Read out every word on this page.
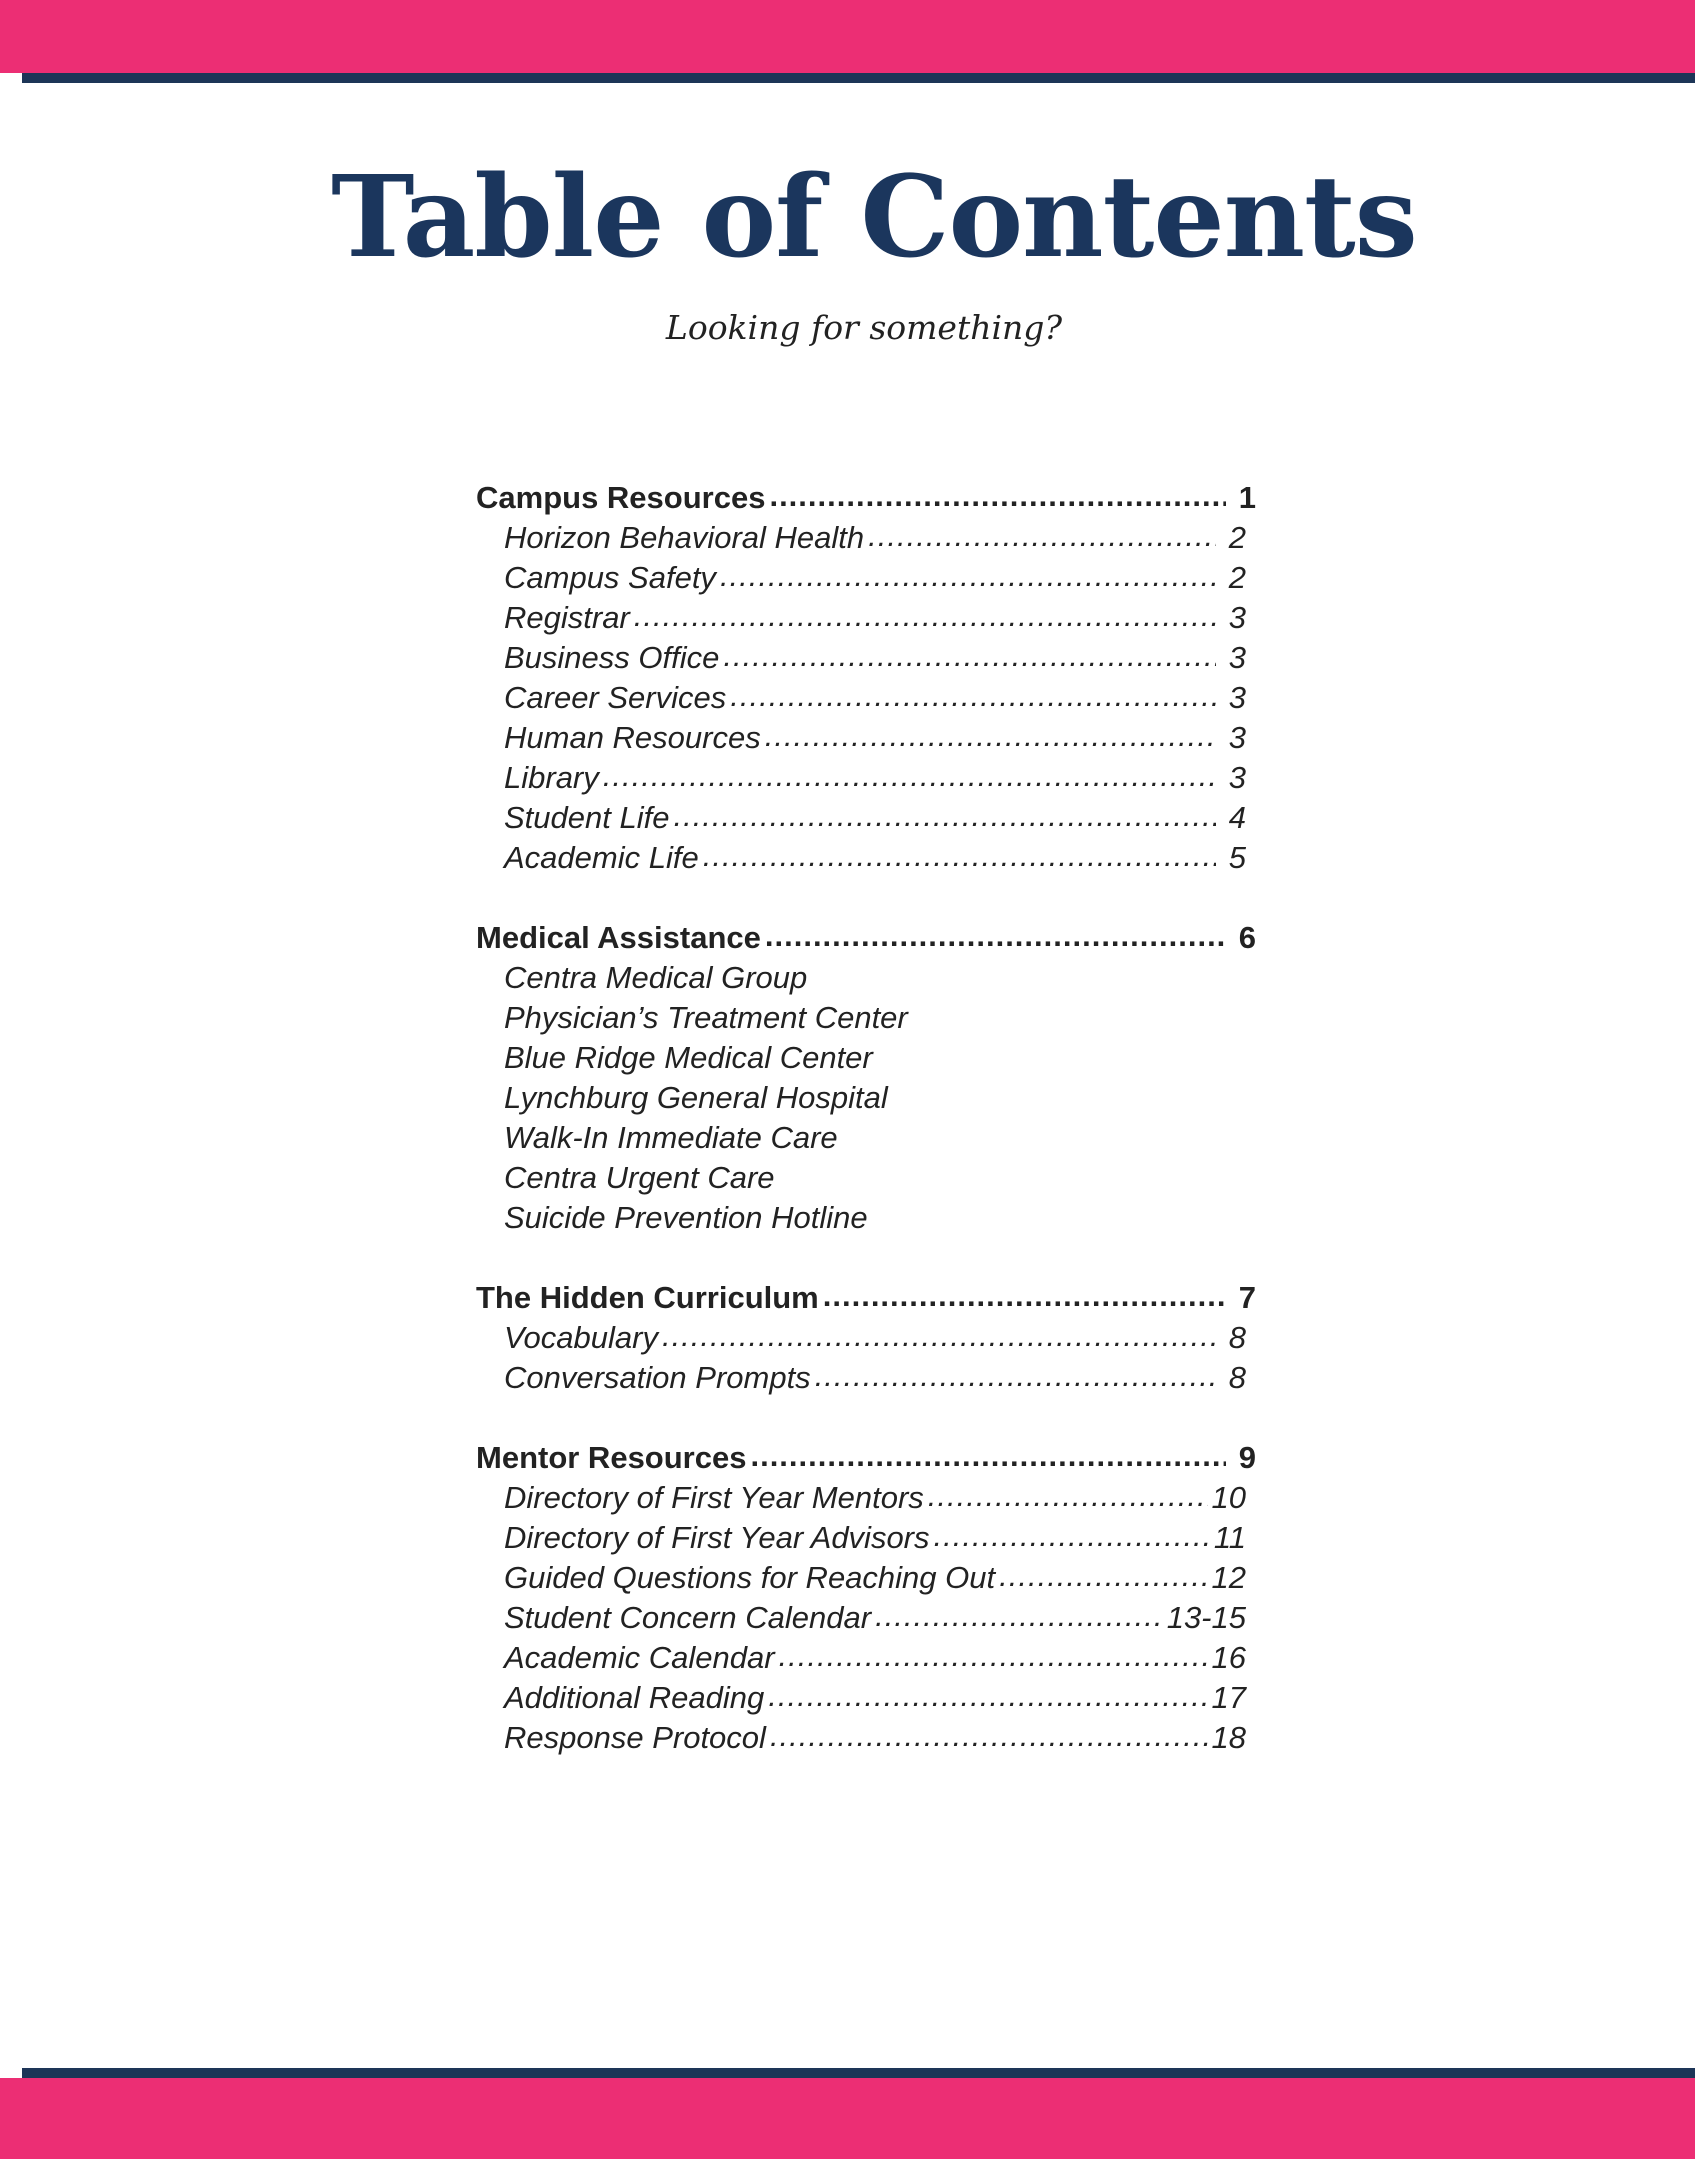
Table of Contents

Looking for something?

Campus Resources .....	1
Horizon Behavioral Health .....	2
Campus Safety .....	2
Registrar .....	3
Business Office .....	3
Career Services .....	3
Human Resources .....	3
Library .....	3
Student Life .....	4
Academic Life .....	5
Medical Assistance .....	6
Centra Medical Group
Physician’s Treatment Center
Blue Ridge Medical Center
Lynchburg General Hospital
Walk-In Immediate Care
Centra Urgent Care
Suicide Prevention Hotline
The Hidden Curriculum .....	7
Vocabulary .....	8
Conversation Prompts .....	8
Mentor Resources .....	9
Directory of First Year Mentors .....	10
Directory of First Year Advisors .....	11
Guided Questions for Reaching Out .....	12
Student Concern Calendar .....	13-15
Academic Calendar .....	16
Additional Reading .....	17
Response Protocol .....	18
